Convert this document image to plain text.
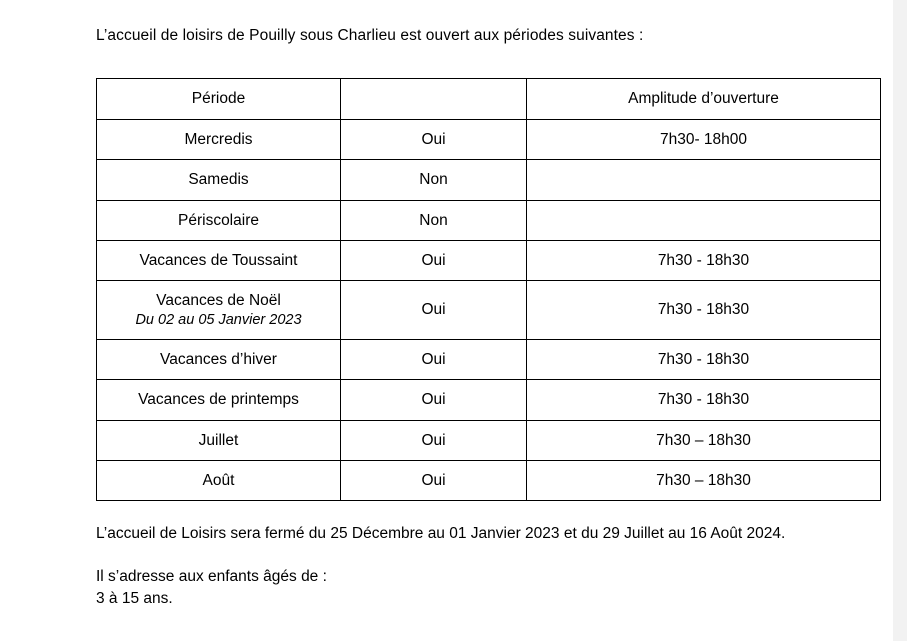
L’accueil de loisirs de Pouilly sous Charlieu est ouvert aux périodes suivantes :

Période		Amplitude d’ouverture
Mercredis	Oui	7h30- 18h00
Samedis	Non	
Périscolaire	Non	
Vacances de Toussaint	Oui	7h30 - 18h30
Vacances de Noël
Du 02 au 05 Janvier 2023	Oui	7h30 - 18h30
Vacances d’hiver	Oui	7h30 - 18h30
Vacances de printemps	Oui	7h30 - 18h30
Juillet	Oui	7h30 – 18h30
Août	Oui	7h30 – 18h30

L’accueil de Loisirs sera fermé du 25 Décembre au 01 Janvier 2023 et du 29 Juillet au 16 Août 2024.

Il s’adresse aux enfants âgés de :
3 à 15 ans.
